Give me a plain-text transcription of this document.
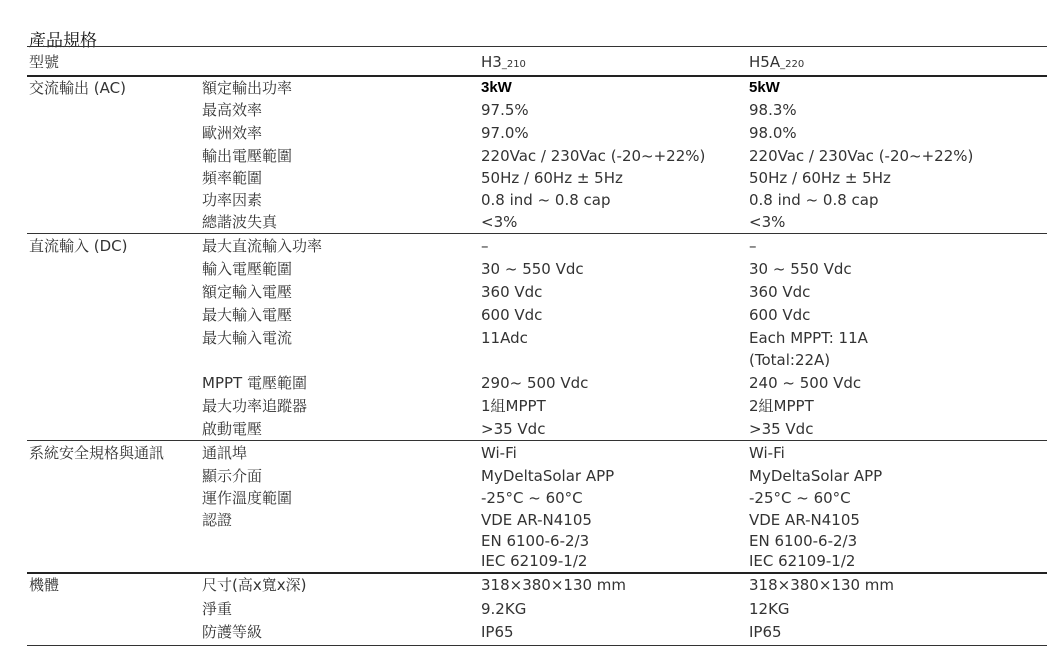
產品規格
型號	H3_210	H5A_220
交流輸出 (AC)	額定輸出功率	3kW	5kW
最高效率	97.5%	98.3%
歐洲效率	97.0%	98.0%
輸出電壓範圍	220Vac / 230Vac (-20~+22%)	220Vac / 230Vac (-20~+22%)
頻率範圍	50Hz / 60Hz ± 5Hz	50Hz / 60Hz ± 5Hz
功率因素	0.8 ind ~ 0.8 cap	0.8 ind ~ 0.8 cap
總諧波失真	<3%	<3%
直流輸入 (DC)	最大直流輸入功率	–	–
輸入電壓範圍	30 ~ 550 Vdc	30 ~ 550 Vdc
額定輸入電壓	360 Vdc	360 Vdc
最大輸入電壓	600 Vdc	600 Vdc
最大輸入電流	11Adc	Each MPPT: 11A
(Total:22A)
MPPT 電壓範圍	290~ 500 Vdc	240 ~ 500 Vdc
最大功率追蹤器	1組MPPT	2組MPPT
啟動電壓	>35 Vdc	>35 Vdc
系統安全規格與通訊	通訊埠	Wi-Fi	Wi-Fi
顯示介面	MyDeltaSolar APP	MyDeltaSolar APP
運作溫度範圍	-25°C ~ 60°C	-25°C ~ 60°C
認證	VDE AR-N4105	VDE AR-N4105
EN 6100-6-2/3	EN 6100-6-2/3
IEC 62109-1/2	IEC 62109-1/2
機體	尺寸(高x寬x深)	318×380×130 mm	318×380×130 mm
淨重	9.2KG	12KG
防護等級	IP65	IP65
